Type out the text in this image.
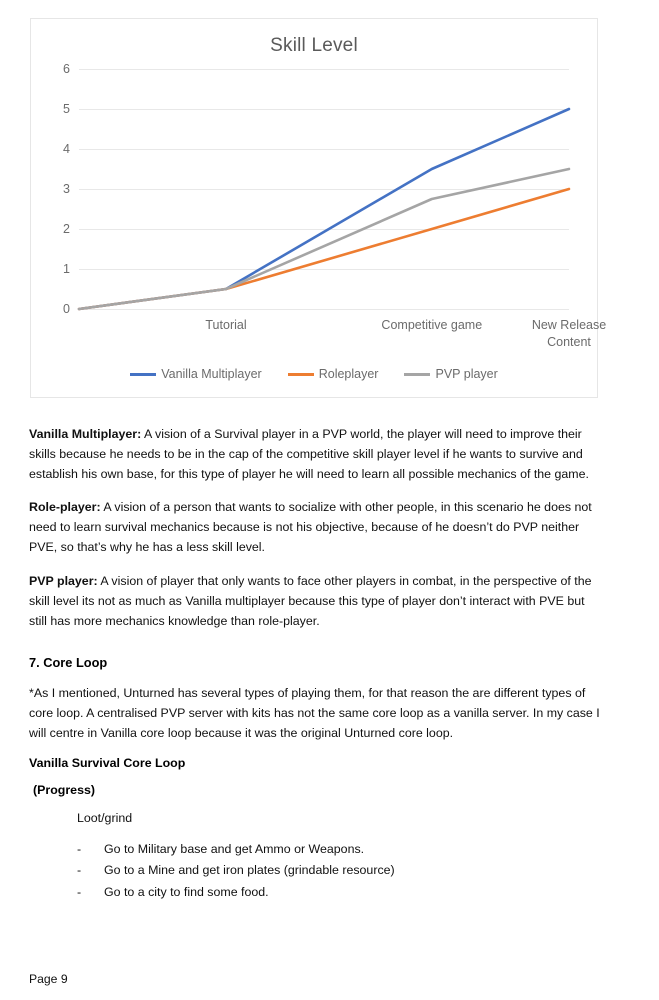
Skill Level
0
1
2
3
4
5
6
Tutorial	Competitive game	New Release Content
Vanilla Multiplayer	Roleplayer	PVP player

Vanilla Multiplayer: A vision of a Survival player in a PVP world, the player will need to improve their skills because he needs to be in the cap of the competitive skill player level if he wants to survive and establish his own base, for this type of player he will need to learn all possible mechanics of the game.

Role-player: A vision of a person that wants to socialize with other people, in this scenario he does not need to learn survival mechanics because is not his objective, because of he doesn’t do PVP neither PVE, so that’s why he has a less skill level.

PVP player: A vision of player that only wants to face other players in combat, in the perspective of the skill level its not as much as Vanilla multiplayer because this type of player don’t interact with PVE but still has more mechanics knowledge than role-player.

7. Core Loop

*As I mentioned, Unturned has several types of playing them, for that reason the are different types of core loop. A centralised PVP server with kits has not the same core loop as a vanilla server. In my case I will centre in Vanilla core loop because it was the original Unturned core loop.

Vanilla Survival Core Loop
(Progress)
Loot/grind
- Go to Military base and get Ammo or Weapons.
- Go to a Mine and get iron plates (grindable resource)
- Go to a city to find some food.
Page 9
